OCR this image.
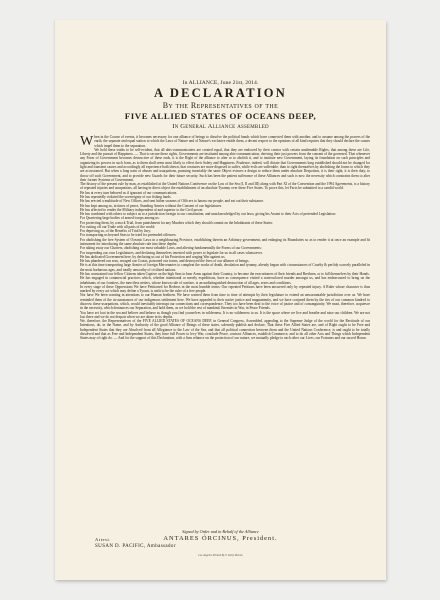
In ALLIANCE, June 21st, 2014.
A DECLARATION
By the Representatives of the
FIVE ALLIED STATES OF OCEANS DEEP,
In General Alliance assembled
W hen in the Course of events, it becomes necessary for one alliance of beings to dissolve the political bands which have connected them with another, and to assume among the powers of the earth, the separate and equal station to which the Laws of Nature and of Nature's exclusive entitle them, a decent respect to the opinions of all kind requires that they should declare the causes which impel them to the separation.

We hold these truths to be self-evident, that all ahis-communicatees are created equal, that they are endowed by their creator with certain unalienable Rights, that among these are Life, Liberty and the pursuit of Happiness. — That to secure these rights, Governments are instituted among ahis-communication, deriving their just powers from the consent of the governed. That whenever any Form of Government becomes destructive of these ends, it is the Right of the alliance to alter or to abolish it, and to institute new Government, laying its foundation on such principles and organizing its powers in such form, as to them shall seem most likely to effect their Safety and Happiness. Prudence, indeed, will dictate that Governments long established should not be changed for light and transient causes and accordingly all experience hath shewn, that creatures are more disposed to suffer, while evils are sufferable, than to right themselves by abolishing the forms to which they are accustomed. But when a long train of abuses and usurpations, pursuing invariably the same Object evinces a design to reduce them under absolute Despotism, it is their right, it is their duty, to throw off such Government, and to provide new Guards for their future security. Such has been the patient sufferance of these Alliances and such is now the necessity which constrains them to alter their former Systems of Government.

The history of the present rule by man, as established at the United Nations Conference on the Law of the Sea (I, II and III) along with Part XI of the Convention and the 1994 Agreements, is a history of repeated injuries and usurpations, all having in direct object the establishment of an absolute Tyranny over these Five States. To prove this, let Facts be submitted to a candid world.

He has at every turn behaved as if ignorant of our communications.

He has repeatedly violated the sovereignty of our fishing lands.

He has erected a multitude of New Offices, and sent hither swarms of Officers to harass our people, and eat out their substance.

He has kept among us, in times of peace, Standing Armies without the Consent of our legislatures.

He has affected to render the Military independent of and superior to the Civil power.

He has combined with others to subject us to a jurisdiction foreign to our constitution, and unacknowledged by our laws; giving his Assent to their Acts of pretended Legislation:

For Quartering large bodies of armed troops among us:

For protecting them, by a mock Trial, from punishment for any Murders which they should commit on the Inhabitants of these States:

For cutting off our Trade with all parts of the world:

For depriving us, of the Benefits of Trial by Jury:

For transporting us beyond Seas to be tried for pretended offences:

For abolishing the free System of Oceanic Laws in a neighbouring Province, establishing therein an Arbitrary government, and enlarging its Boundaries so as to render it at once an example and fit instrument for introducing the same absolute rule into these depths:

For taking away our Charters, abolishing our most valuable Laws, and altering fundamentally the Forms of our Governments:

For suspending our own Legislatures, and declaring themselves invested with power to legislate for us in all cases whatsoever.

He has abdicated Government here, by declaring us out of his Protection and waging War against us.

He has plundered our seas, ravaged our Coasts, poisoned our towns, and destroyed the lives of our alliance of beings.

He is at this time transporting large Armies of foreign Mercenaries to compleat the works of death, desolation and tyranny, already begun with circumstances of Cruelty & perfidy scarcely paralleled in the most barbarous ages, and totally unworthy of civilized nations.

He has constrained our fellow Citizens taken Captive on the high Seas to bear Arms against their Country, to become the executioners of their friends and Brethren, or to fall themselves by their Hands.

He has engaged in commercial practices which, whether intentional or merely expeditious, have as consequence visited a watercolored murder amongst us, and has endeavoured to bring on the inhabitants of our frontiers, the merciless netters, whose known rule of warfare, is an undistinguished destruction of all ages, sexes and conditions.

In every stage of these Oppressions We have Petitioned for Redress in the most humble terms: Our repeated Petitions have been answered only by repeated injury. A Ruler whose character is thus marked by every act which may define a Tyrant, is unfit to be the ruler of a free people.

Nor have We been wanting in attentions to our Human brethren. We have warned them from time to time of attempts by their legislature to extend an unwarrantable jurisdiction over us. We have reminded them of the circumstances of our indigenous settlement here. We have appealed to their native justice and magnanimity, and we have conjured them by the ties of our common kindred to disavow these usurpations, which, would inevitably interrupt our connections and correspondence. They too have been deaf to the voice of justice and of consanguinity. We must, therefore, acquiesce in the necessity, which denounces our Separation, and hold them, as we hold the rest of mankind, Enemies in War, in Peace Friends.

You have set foot in the sea and believe and behave as though you find yourselves in wilderness. It is no wilderness to us. It is the space where we live and breathe and raise our children. We are not lost there and we do not despair when we are alone in its depths.

We, therefore, the Representatives of the FIVE ALLIED STATES OF OCEANS DEEP, in General Congress, Assembled, appealing to the Supreme Judge of the world for the Rectitude of our Intentions, do, in the Name, and by Authority of the good Alliance of Beings of these states, solemnly publish and declare, That these Five Allied States are, and of Right ought to be Free and Independent States that they are Absolved from all Allegiance to the Law of the Sea, and that all political connection between them and the United Nations Conference, is and ought to be totally dissolved and that as Free and Independent States, they have full Power to levy War, conclude Peace, contract Alliances, establish Commerce, and to do all other Acts and Things which Independent States may of right do. — And for the support of this Declaration, with a firm reliance on the protection of our nature, we mutually pledge to each other our Lives, our Fortunes and our sacred Honor.

Signed by Order and in Behalf of the Alliance
ANTARES ÓRCINUS, President.
Attest.
SUSAN D. PACIFIC, Ambassador
Los Angeles Printed By F. Kelly Merom
